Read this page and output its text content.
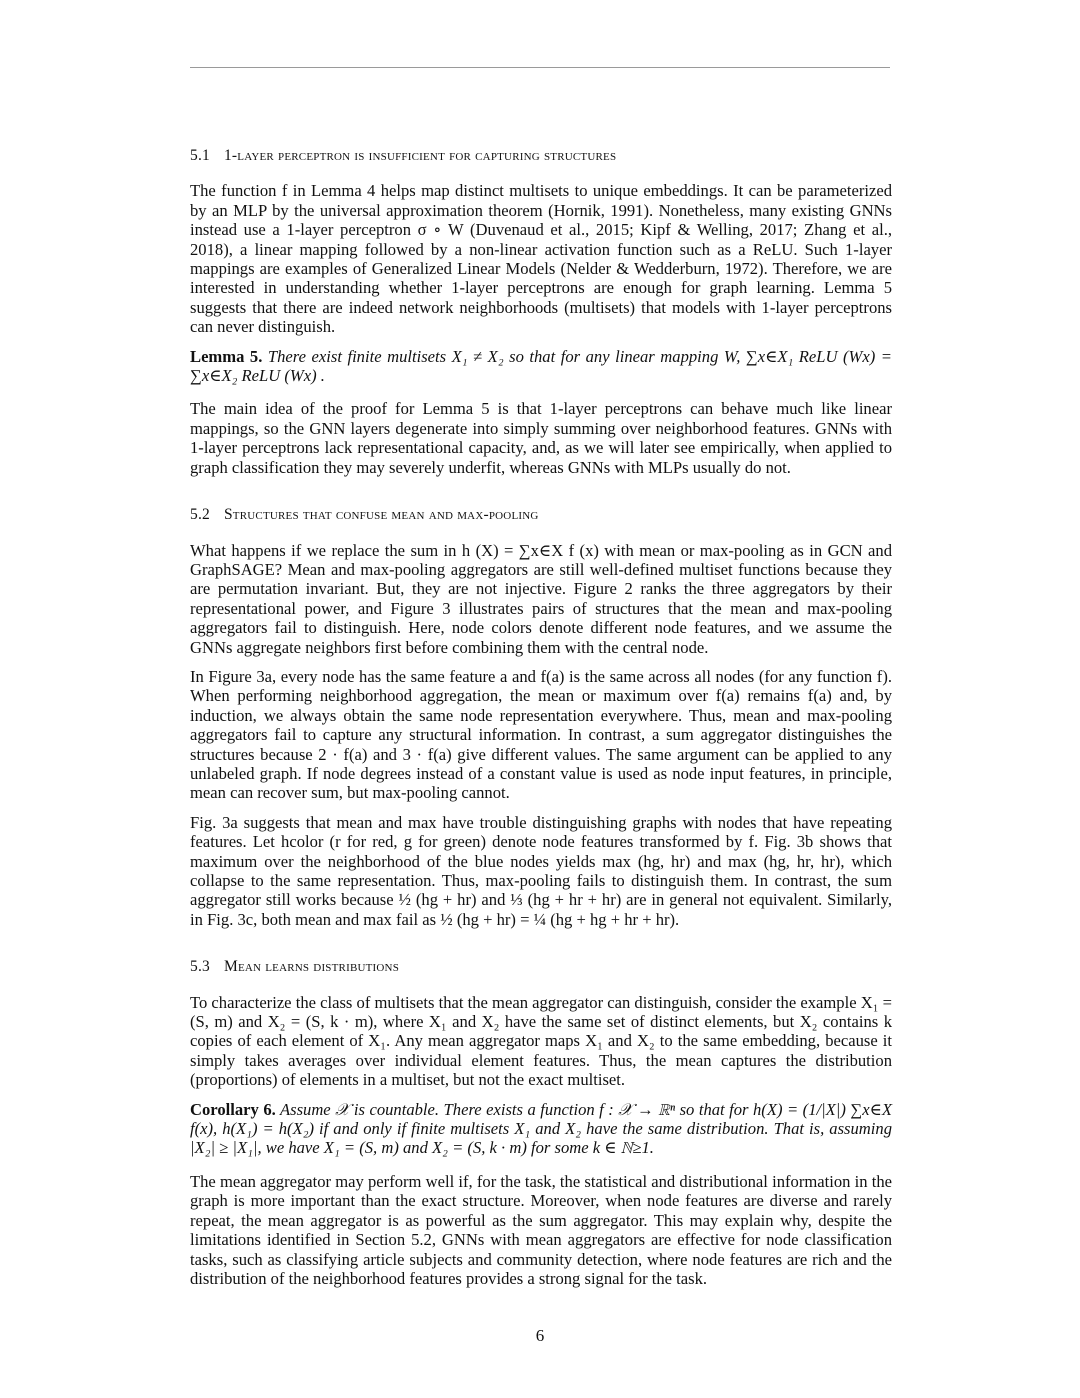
5.1 1-layer perceptron is insufficient for capturing structures

The function f in Lemma 4 helps map distinct multisets to unique embeddings. It can be parameterized by an MLP by the universal approximation theorem (Hornik, 1991). Nonetheless, many existing GNNs instead use a 1-layer perceptron σ ∘ W (Duvenaud et al., 2015; Kipf & Welling, 2017; Zhang et al., 2018), a linear mapping followed by a non-linear activation function such as a ReLU. Such 1-layer mappings are examples of Generalized Linear Models (Nelder & Wedderburn, 1972). Therefore, we are interested in understanding whether 1-layer perceptrons are enough for graph learning. Lemma 5 suggests that there are indeed network neighborhoods (multisets) that models with 1-layer perceptrons can never distinguish.

Lemma 5. There exist finite multisets X₁ ≠ X₂ so that for any linear mapping W, ∑x∈X₁ ReLU (Wx) = ∑x∈X₂ ReLU (Wx) .

The main idea of the proof for Lemma 5 is that 1-layer perceptrons can behave much like linear mappings, so the GNN layers degenerate into simply summing over neighborhood features. GNNs with 1-layer perceptrons lack representational capacity, and, as we will later see empirically, when applied to graph classification they may severely underfit, whereas GNNs with MLPs usually do not.

5.2 Structures that confuse mean and max-pooling

What happens if we replace the sum in h (X) = ∑x∈X f (x) with mean or max-pooling as in GCN and GraphSAGE? Mean and max-pooling aggregators are still well-defined multiset functions because they are permutation invariant. But, they are not injective. Figure 2 ranks the three aggregators by their representational power, and Figure 3 illustrates pairs of structures that the mean and max-pooling aggregators fail to distinguish. Here, node colors denote different node features, and we assume the GNNs aggregate neighbors first before combining them with the central node.

In Figure 3a, every node has the same feature a and f(a) is the same across all nodes (for any function f). When performing neighborhood aggregation, the mean or maximum over f(a) remains f(a) and, by induction, we always obtain the same node representation everywhere. Thus, mean and max-pooling aggregators fail to capture any structural information. In contrast, a sum aggregator distinguishes the structures because 2 · f(a) and 3 · f(a) give different values. The same argument can be applied to any unlabeled graph. If node degrees instead of a constant value is used as node input features, in principle, mean can recover sum, but max-pooling cannot.

Fig. 3a suggests that mean and max have trouble distinguishing graphs with nodes that have repeating features. Let hcolor (r for red, g for green) denote node features transformed by f. Fig. 3b shows that maximum over the neighborhood of the blue nodes yields max (hg, hr) and max (hg, hr, hr), which collapse to the same representation. Thus, max-pooling fails to distinguish them. In contrast, the sum aggregator still works because ½ (hg + hr) and ⅓ (hg + hr + hr) are in general not equivalent. Similarly, in Fig. 3c, both mean and max fail as ½ (hg + hr) = ¼ (hg + hg + hr + hr).

5.3 Mean learns distributions

To characterize the class of multisets that the mean aggregator can distinguish, consider the example X₁ = (S, m) and X₂ = (S, k · m), where X₁ and X₂ have the same set of distinct elements, but X₂ contains k copies of each element of X₁. Any mean aggregator maps X₁ and X₂ to the same embedding, because it simply takes averages over individual element features. Thus, the mean captures the distribution (proportions) of elements in a multiset, but not the exact multiset.

Corollary 6. Assume 𝒳 is countable. There exists a function f : 𝒳 → ℝⁿ so that for h(X) = (1/|X|) ∑x∈X f(x), h(X₁) = h(X₂) if and only if finite multisets X₁ and X₂ have the same distribution. That is, assuming |X₂| ≥ |X₁|, we have X₁ = (S, m) and X₂ = (S, k · m) for some k ∈ ℕ≥1.

The mean aggregator may perform well if, for the task, the statistical and distributional information in the graph is more important than the exact structure. Moreover, when node features are diverse and rarely repeat, the mean aggregator is as powerful as the sum aggregator. This may explain why, despite the limitations identified in Section 5.2, GNNs with mean aggregators are effective for node classification tasks, such as classifying article subjects and community detection, where node features are rich and the distribution of the neighborhood features provides a strong signal for the task.

6
